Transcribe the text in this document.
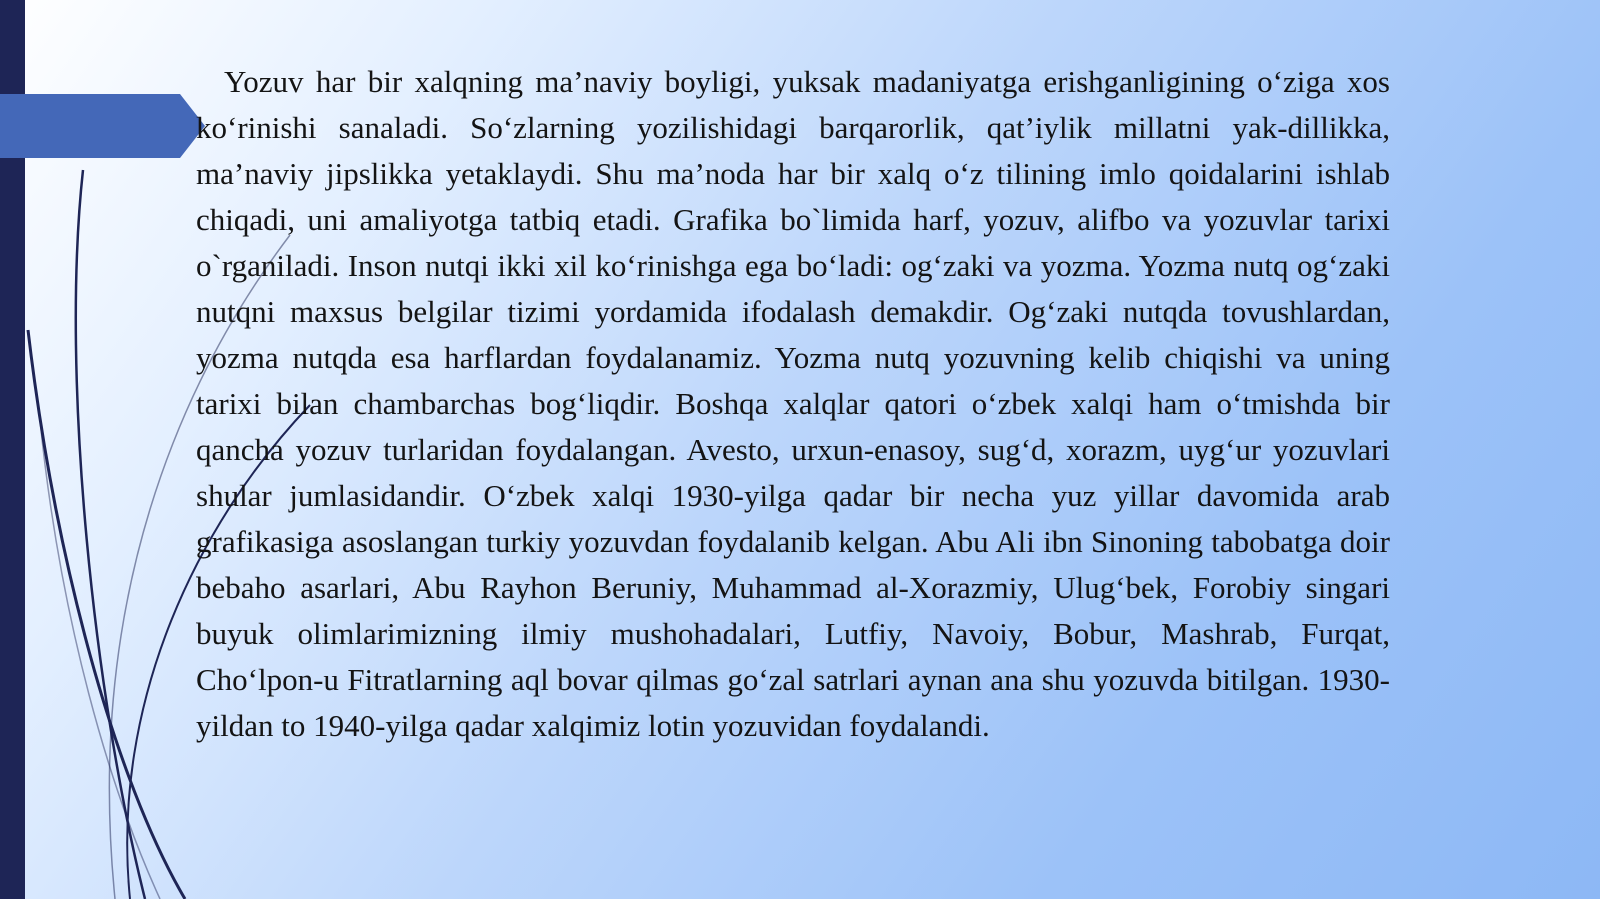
Yozuv har bir xalqning ma’naviy boyligi, yuksak madaniyatga erishganligining o‘ziga xos ko‘rinishi sanaladi. So‘zlarning yozilishidagi barqarorlik, qat’iylik millatni yak-dillikka, ma’naviy jipslikka yetaklaydi. Shu ma’noda har bir xalq o‘z tilining imlo qoidalarini ishlab chiqadi, uni amaliyotga tatbiq etadi. Grafika bo`limida harf, yozuv, alifbo va yozuvlar tarixi o`rganiladi. Inson nutqi ikki xil ko‘rinishga ega bo‘ladi: og‘zaki va yozma. Yozma nutq og‘zaki nutqni maxsus belgilar tizimi yordamida ifodalash demakdir. Og‘zaki nutqda tovushlardan, yozma nutqda esa harflardan foydalanamiz. Yozma nutq yozuvning kelib chiqishi va uning tarixi bilan chambarchas bog‘liqdir. Boshqa xalqlar qatori o‘zbek xalqi ham o‘tmishda bir qancha yozuv turlaridan foydalangan. Avesto, urxun-enasoy, sug‘d, xorazm, uyg‘ur yozuvlari shular jumlasidandir. O‘zbek xalqi 1930-yilga qadar bir necha yuz yillar davomida arab grafikasiga asoslangan turkiy yozuvdan foydalanib kelgan. Abu Ali ibn Sinoning tabobatga doir bebaho asarlari, Abu Rayhon Beruniy, Muhammad al-Xorazmiy, Ulug‘bek, Forobiy singari buyuk olimlarimizning ilmiy mushohadalari, Lutfiy, Navoiy, Bobur, Mashrab, Furqat, Cho‘lpon-u Fitratlarning aql bovar qilmas go‘zal satrlari aynan ana shu yozuvda bitilgan. 1930-yildan to 1940-yilga qadar xalqimiz lotin yozuvidan foydalandi.
